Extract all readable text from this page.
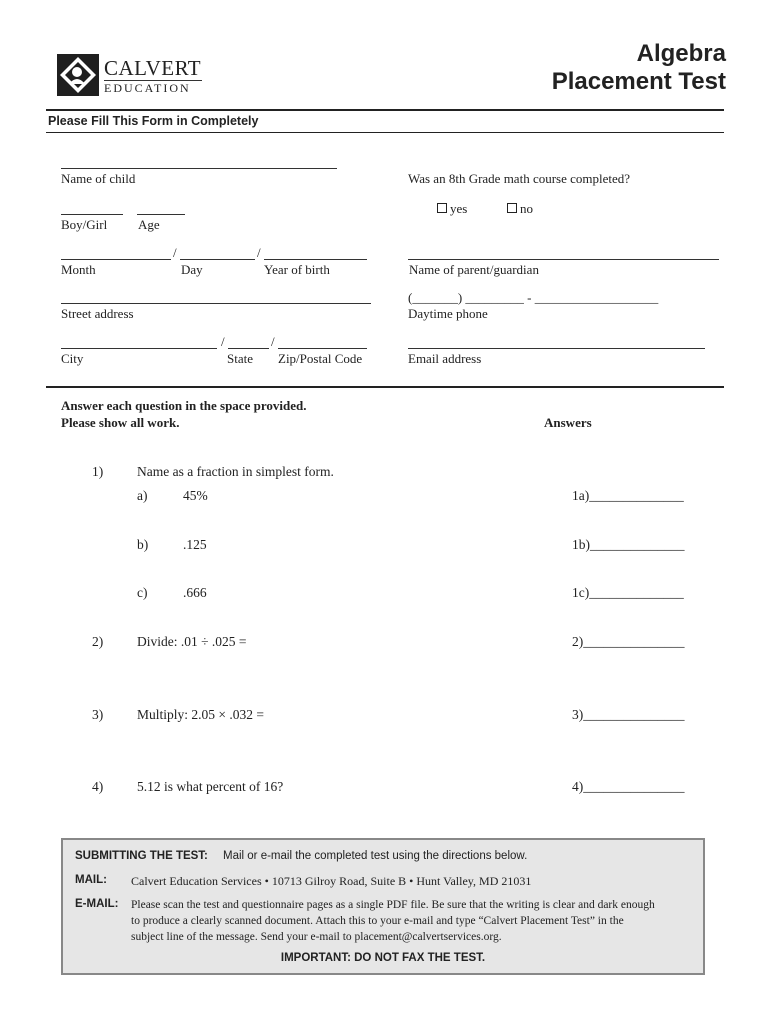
CALVERT
EDUCATION
Algebra
Placement Test
Please Fill This Form in Completely
Name of child
Boy/Girl Age
/	/
Month	Day	Year of birth
Street address
/	/
City	State Zip/Postal Code
Was an 8th Grade math course completed?
yes	no
Name of parent/guardian
(_______) _________ - ___________________
Daytime phone
Email address
Answer each question in the space provided.
Please show all work.	Answers
1)	Name as a fraction in simplest form.
a)	45%	1a)______________
b)	.125	1b)______________
c)	.666	1c)______________
2)	Divide: .01 ÷ .025 =	2)_______________
3)	Multiply: 2.05 × .032 =	3)_______________
4)	5.12 is what percent of 16?	4)_______________
SUBMITTING THE TEST: Mail or e-mail the completed test using the directions below.
MAIL: Calvert Education Services • 10713 Gilroy Road, Suite B • Hunt Valley, MD 21031
E-MAIL: Please scan the test and questionnaire pages as a single PDF file. Be sure that the writing is clear and dark enough
to produce a clearly scanned document. Attach this to your e-mail and type “Calvert Placement Test” in the
subject line of the message. Send your e-mail to placement@calvertservices.org.
IMPORTANT: DO NOT FAX THE TEST.
